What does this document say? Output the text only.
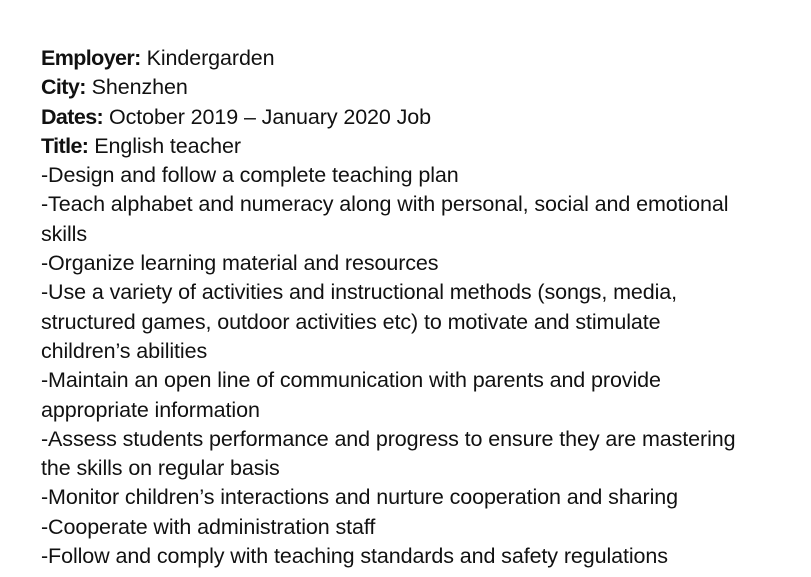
Employer: Kindergarden
City: Shenzhen
Dates: October 2019 – January 2020 Job
Title: English teacher
-Design and follow a complete teaching plan
-Teach alphabet and numeracy along with personal, social and emotional
skills
-Organize learning material and resources
-Use a variety of activities and instructional methods (songs, media,
structured games, outdoor activities etc) to motivate and stimulate
children’s abilities
-Maintain an open line of communication with parents and provide
appropriate information
-Assess students performance and progress to ensure they are mastering
the skills on regular basis
-Monitor children’s interactions and nurture cooperation and sharing
-Cooperate with administration staff
-Follow and comply with teaching standards and safety regulations
